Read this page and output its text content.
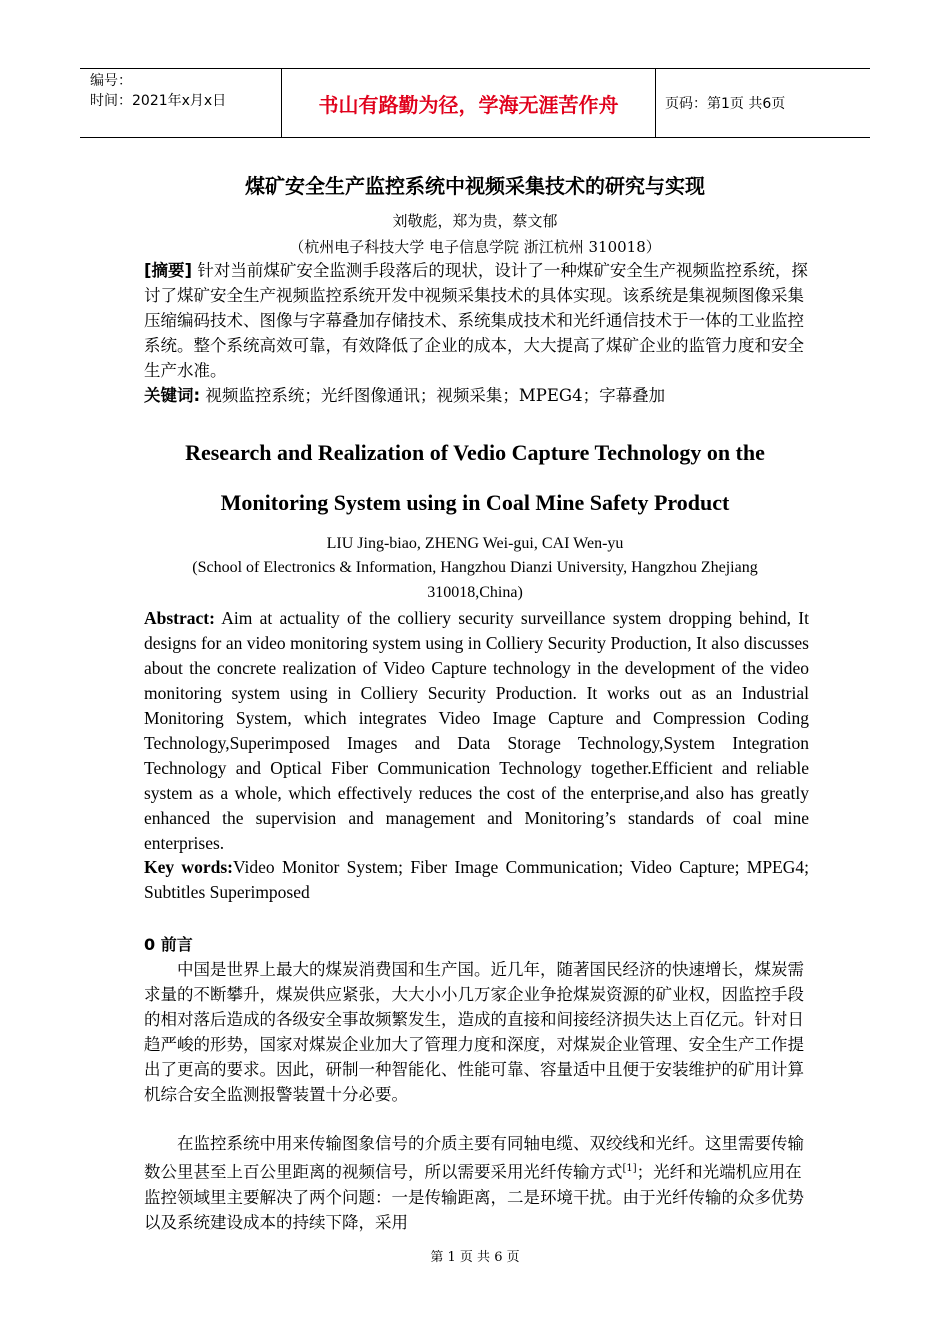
编号：
时间：2021年x月x日	书山有路勤为径，学海无涯苦作舟	页码：第1页 共6页
煤矿安全生产监控系统中视频采集技术的研究与实现
刘敬彪，郑为贵，蔡文郁
（杭州电子科技大学 电子信息学院 浙江杭州 310018）
[摘要] 针对当前煤矿安全监测手段落后的现状，设计了一种煤矿安全生产视频监控系统，探讨了煤矿安全生产视频监控系统开发中视频采集技术的具体实现。该系统是集视频图像采集压缩编码技术、图像与字幕叠加存储技术、系统集成技术和光纤通信技术于一体的工业监控系统。整个系统高效可靠，有效降低了企业的成本，大大提高了煤矿企业的监管力度和安全生产水准。
关键词: 视频监控系统；光纤图像通讯；视频采集；MPEG4；字幕叠加
Research and Realization of Vedio Capture Technology on the
Monitoring System using in Coal Mine Safety Product
LIU Jing-biao, ZHENG Wei-gui, CAI Wen-yu
(School of Electronics & Information, Hangzhou Dianzi University, Hangzhou Zhejiang
310018,China)
Abstract: Aim at actuality of the colliery security surveillance system dropping behind, It designs for an video monitoring system using in Colliery Security Production, It also discusses about the concrete realization of Video Capture technology in the development of the video monitoring system using in Colliery Security Production. It works out as an Industrial Monitoring System, which integrates Video Image Capture and Compression Coding Technology,Superimposed Images and Data Storage Technology,System Integration Technology and Optical Fiber Communication Technology together.Efficient and reliable system as a whole, which effectively reduces the cost of the enterprise,and also has greatly enhanced the supervision and management and Monitoring’s standards of coal mine enterprises.
Key words:Video Monitor System; Fiber Image Communication; Video Capture; MPEG4; Subtitles Superimposed
0 前言
中国是世界上最大的煤炭消费国和生产国。近几年，随著国民经济的快速增长，煤炭需求量的不断攀升，煤炭供应紧张，大大小小几万家企业争抢煤炭资源的矿业权，因监控手段的相对落后造成的各级安全事故频繁发生，造成的直接和间接经济损失达上百亿元。针对日趋严峻的形势，国家对煤炭企业加大了管理力度和深度，对煤炭企业管理、安全生产工作提出了更高的要求。因此，研制一种智能化、性能可靠、容量适中且便于安装维护的矿用计算机综合安全监测报警装置十分必要。
在监控系统中用来传输图象信号的介质主要有同轴电缆、双绞线和光纤。这里需要传输数公里甚至上百公里距离的视频信号，所以需要采用光纤传输方式[1]；光纤和光端机应用在监控领域里主要解决了两个问题：一是传输距离，二是环境干扰。由于光纤传输的众多优势以及系统建设成本的持续下降，采用
第 1 页 共 6 页
